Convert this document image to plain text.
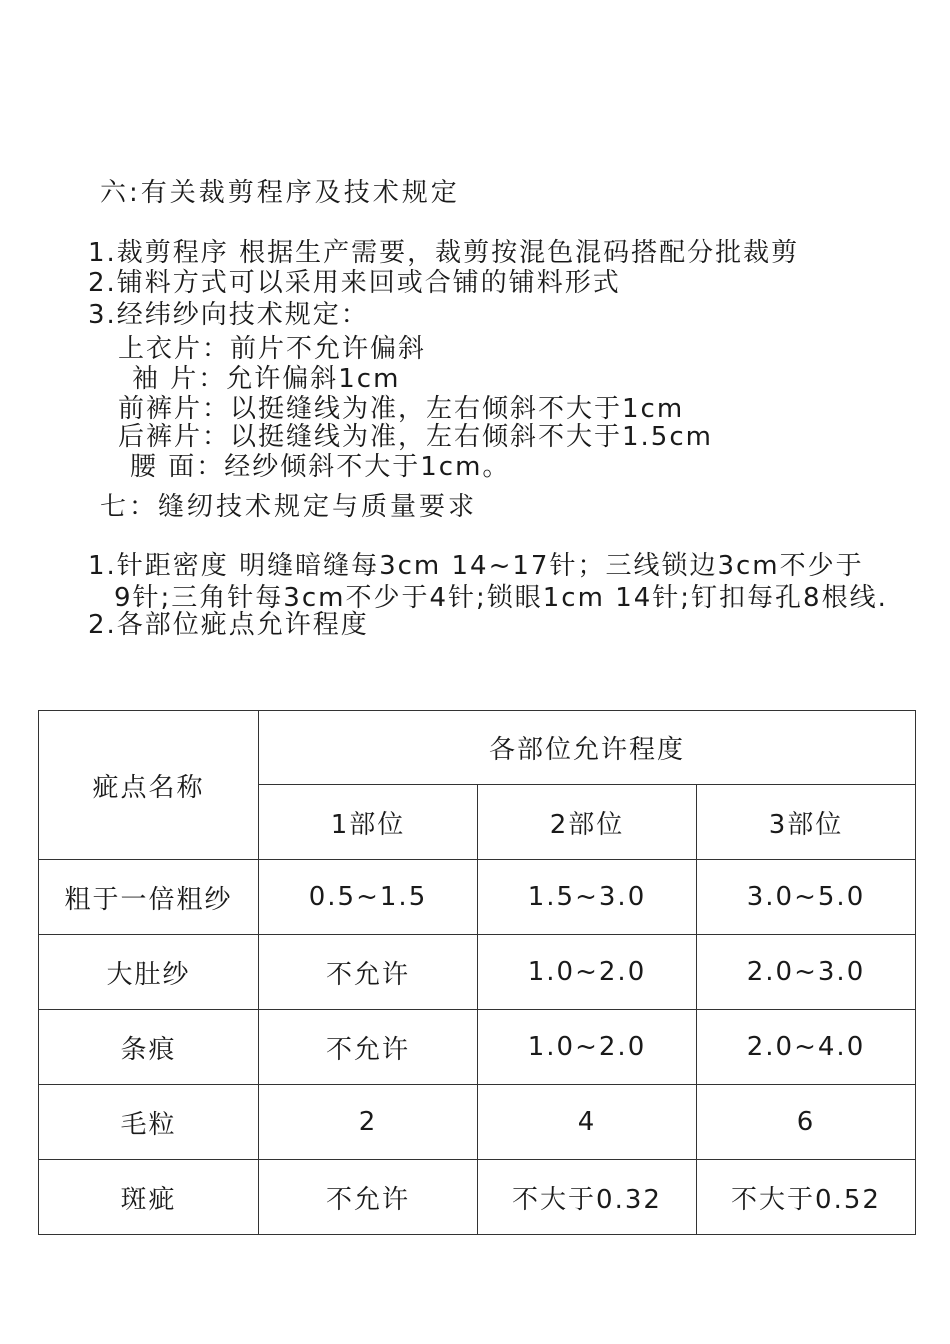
六:有关裁剪程序及技术规定
1.裁剪程序 根据生产需要，裁剪按混色混码搭配分批裁剪
2.铺料方式可以采用来回或合铺的铺料形式
3.经纬纱向技术规定：
上衣片：前片不允许偏斜
袖 片：允许偏斜1cm
前裤片：以挺缝线为准，左右倾斜不大于1cm
后裤片：以挺缝线为准，左右倾斜不大于1.5cm
腰 面：经纱倾斜不大于1cm。
七：缝纫技术规定与质量要求
1.针距密度 明缝暗缝每3cm 14~17针；三线锁边3cm不少于
9针;三角针每3cm不少于4针;锁眼1cm 14针;钉扣每孔8根线.
2.各部位疵点允许程度
疵点名称	各部位允许程度		
	1部位	2部位	3部位
粗于一倍粗纱	0.5~1.5	1.5~3.0	3.0~5.0
大肚纱	不允许	1.0~2.0	2.0~3.0
条痕	不允许	1.0~2.0	2.0~4.0
毛粒	2	4	6
斑疵	不允许	不大于0.32	不大于0.52
